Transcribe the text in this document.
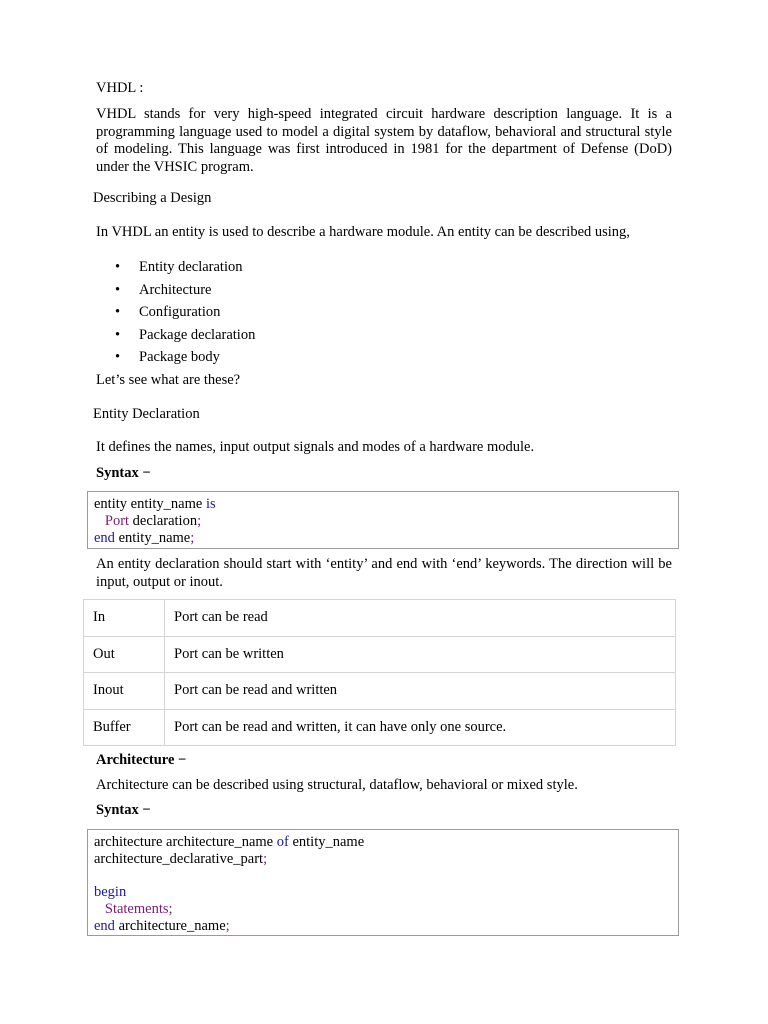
VHDL :
VHDL stands for very high-speed integrated circuit hardware description language. It is a programming language used to model a digital system by dataflow, behavioral and structural style of modeling. This language was first introduced in 1981 for the department of Defense (DoD) under the VHSIC program.
Describing a Design
In VHDL an entity is used to describe a hardware module. An entity can be described using,
• Entity declaration
• Architecture
• Configuration
• Package declaration
• Package body
Let’s see what are these?
Entity Declaration
It defines the names, input output signals and modes of a hardware module.
Syntax −
entity entity_name is
Port declaration;
end entity_name;
An entity declaration should start with ‘entity’ and end with ‘end’ keywords. The direction will be input, output or inout.
In	Port can be read
Out	Port can be written
Inout	Port can be read and written
Buffer	Port can be read and written, it can have only one source.
Architecture −
Architecture can be described using structural, dataflow, behavioral or mixed style.
Syntax −
architecture architecture_name of entity_name
architecture_declarative_part;
begin
Statements;
end architecture_name;
